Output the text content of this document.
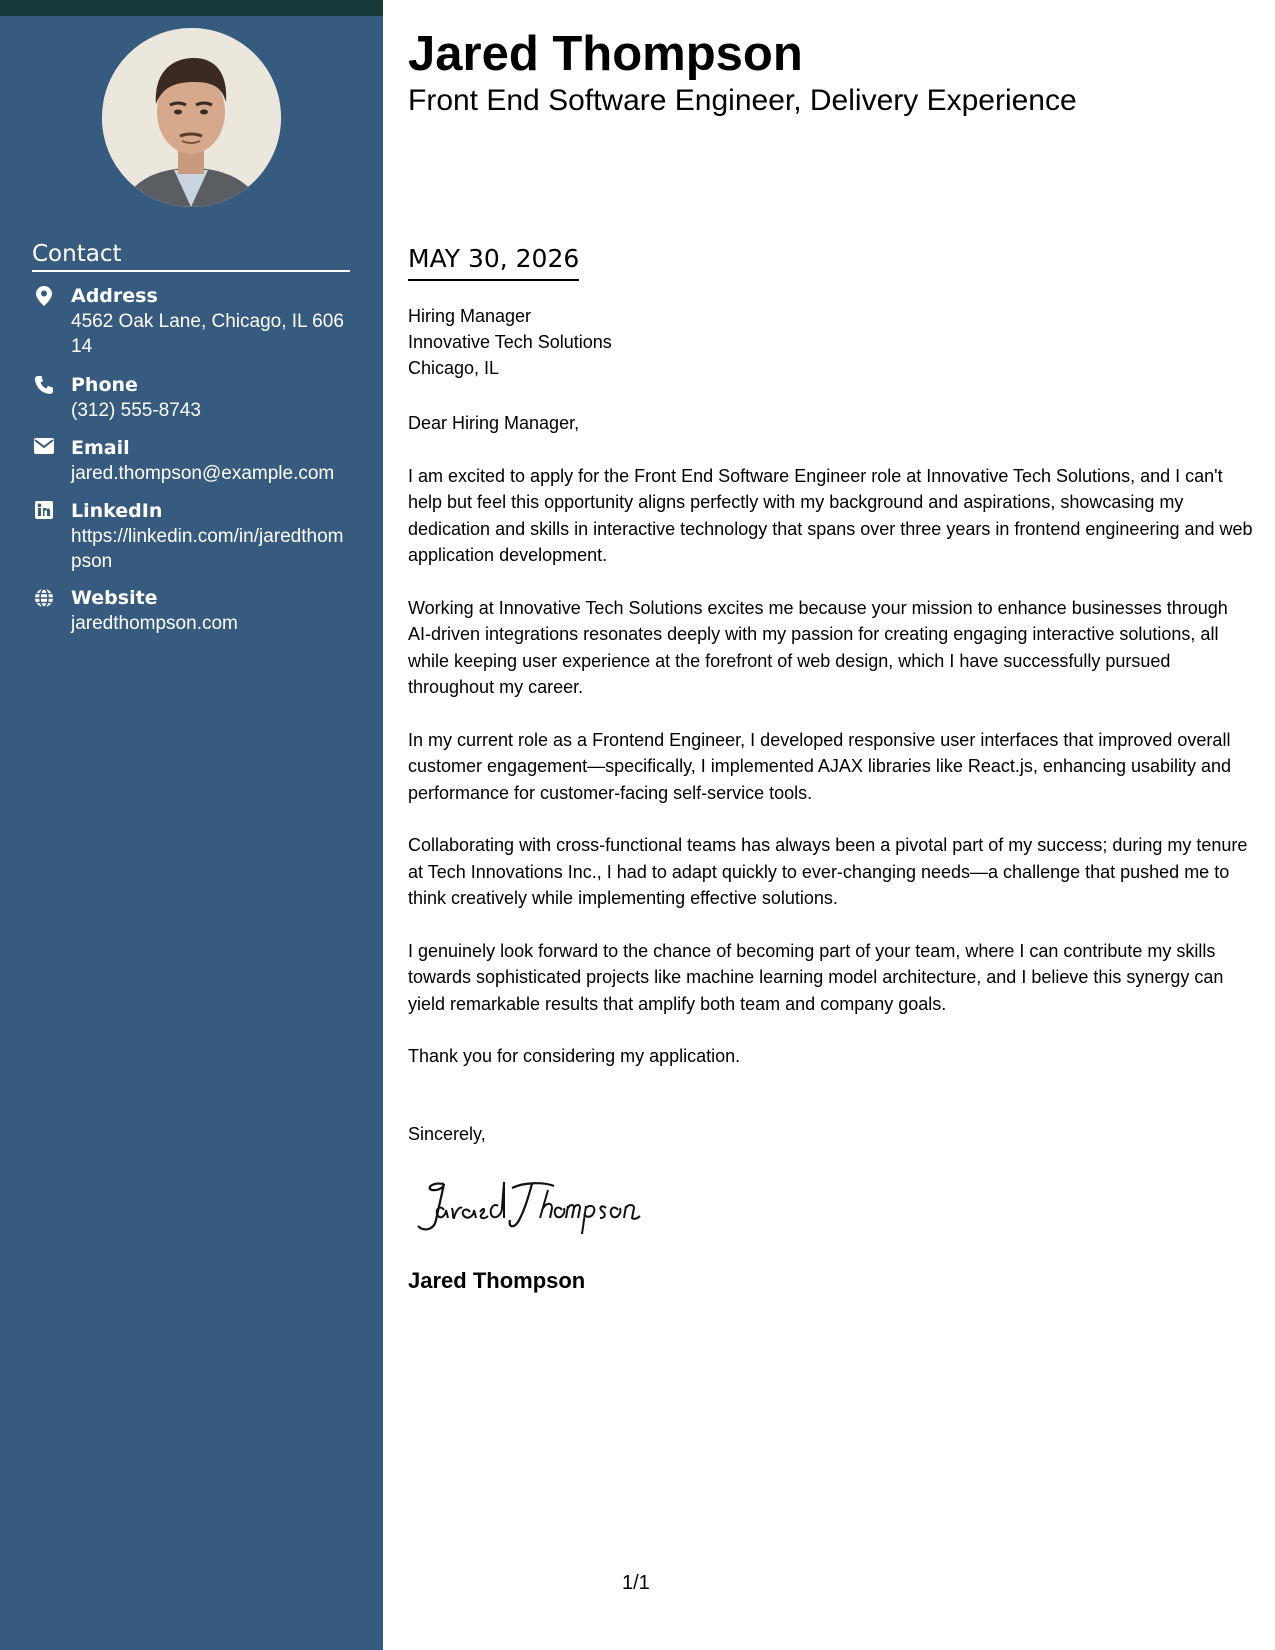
Contact
Address
4562 Oak Lane, Chicago, IL 60614
Phone
(312) 555-8743
Email
jared.thompson@example.com
LinkedIn
https://linkedin.com/in/jaredthompson
Website
jaredthompson.com
Jared Thompson
Front End Software Engineer, Delivery Experience
MAY 30, 2026
Hiring Manager
Innovative Tech Solutions
Chicago, IL

Dear Hiring Manager,

I am excited to apply for the Front End Software Engineer role at Innovative Tech Solutions, and I can't help but feel this opportunity aligns perfectly with my background and aspirations, showcasing my dedication and skills in interactive technology that spans over three years in frontend engineering and web application development.

Working at Innovative Tech Solutions excites me because your mission to enhance businesses through AI-driven integrations resonates deeply with my passion for creating engaging interactive solutions, all while keeping user experience at the forefront of web design, which I have successfully pursued throughout my career.

In my current role as a Frontend Engineer, I developed responsive user interfaces that improved overall customer engagement—specifically, I implemented AJAX libraries like React.js, enhancing usability and performance for customer-facing self-service tools.

Collaborating with cross-functional teams has always been a pivotal part of my success; during my tenure at Tech Innovations Inc., I had to adapt quickly to ever-changing needs—a challenge that pushed me to think creatively while implementing effective solutions.

I genuinely look forward to the chance of becoming part of your team, where I can contribute my skills towards sophisticated projects like machine learning model architecture, and I believe this synergy can yield remarkable results that amplify both team and company goals.

Thank you for considering my application.

Sincerely,
Jared Thompson
1/1
